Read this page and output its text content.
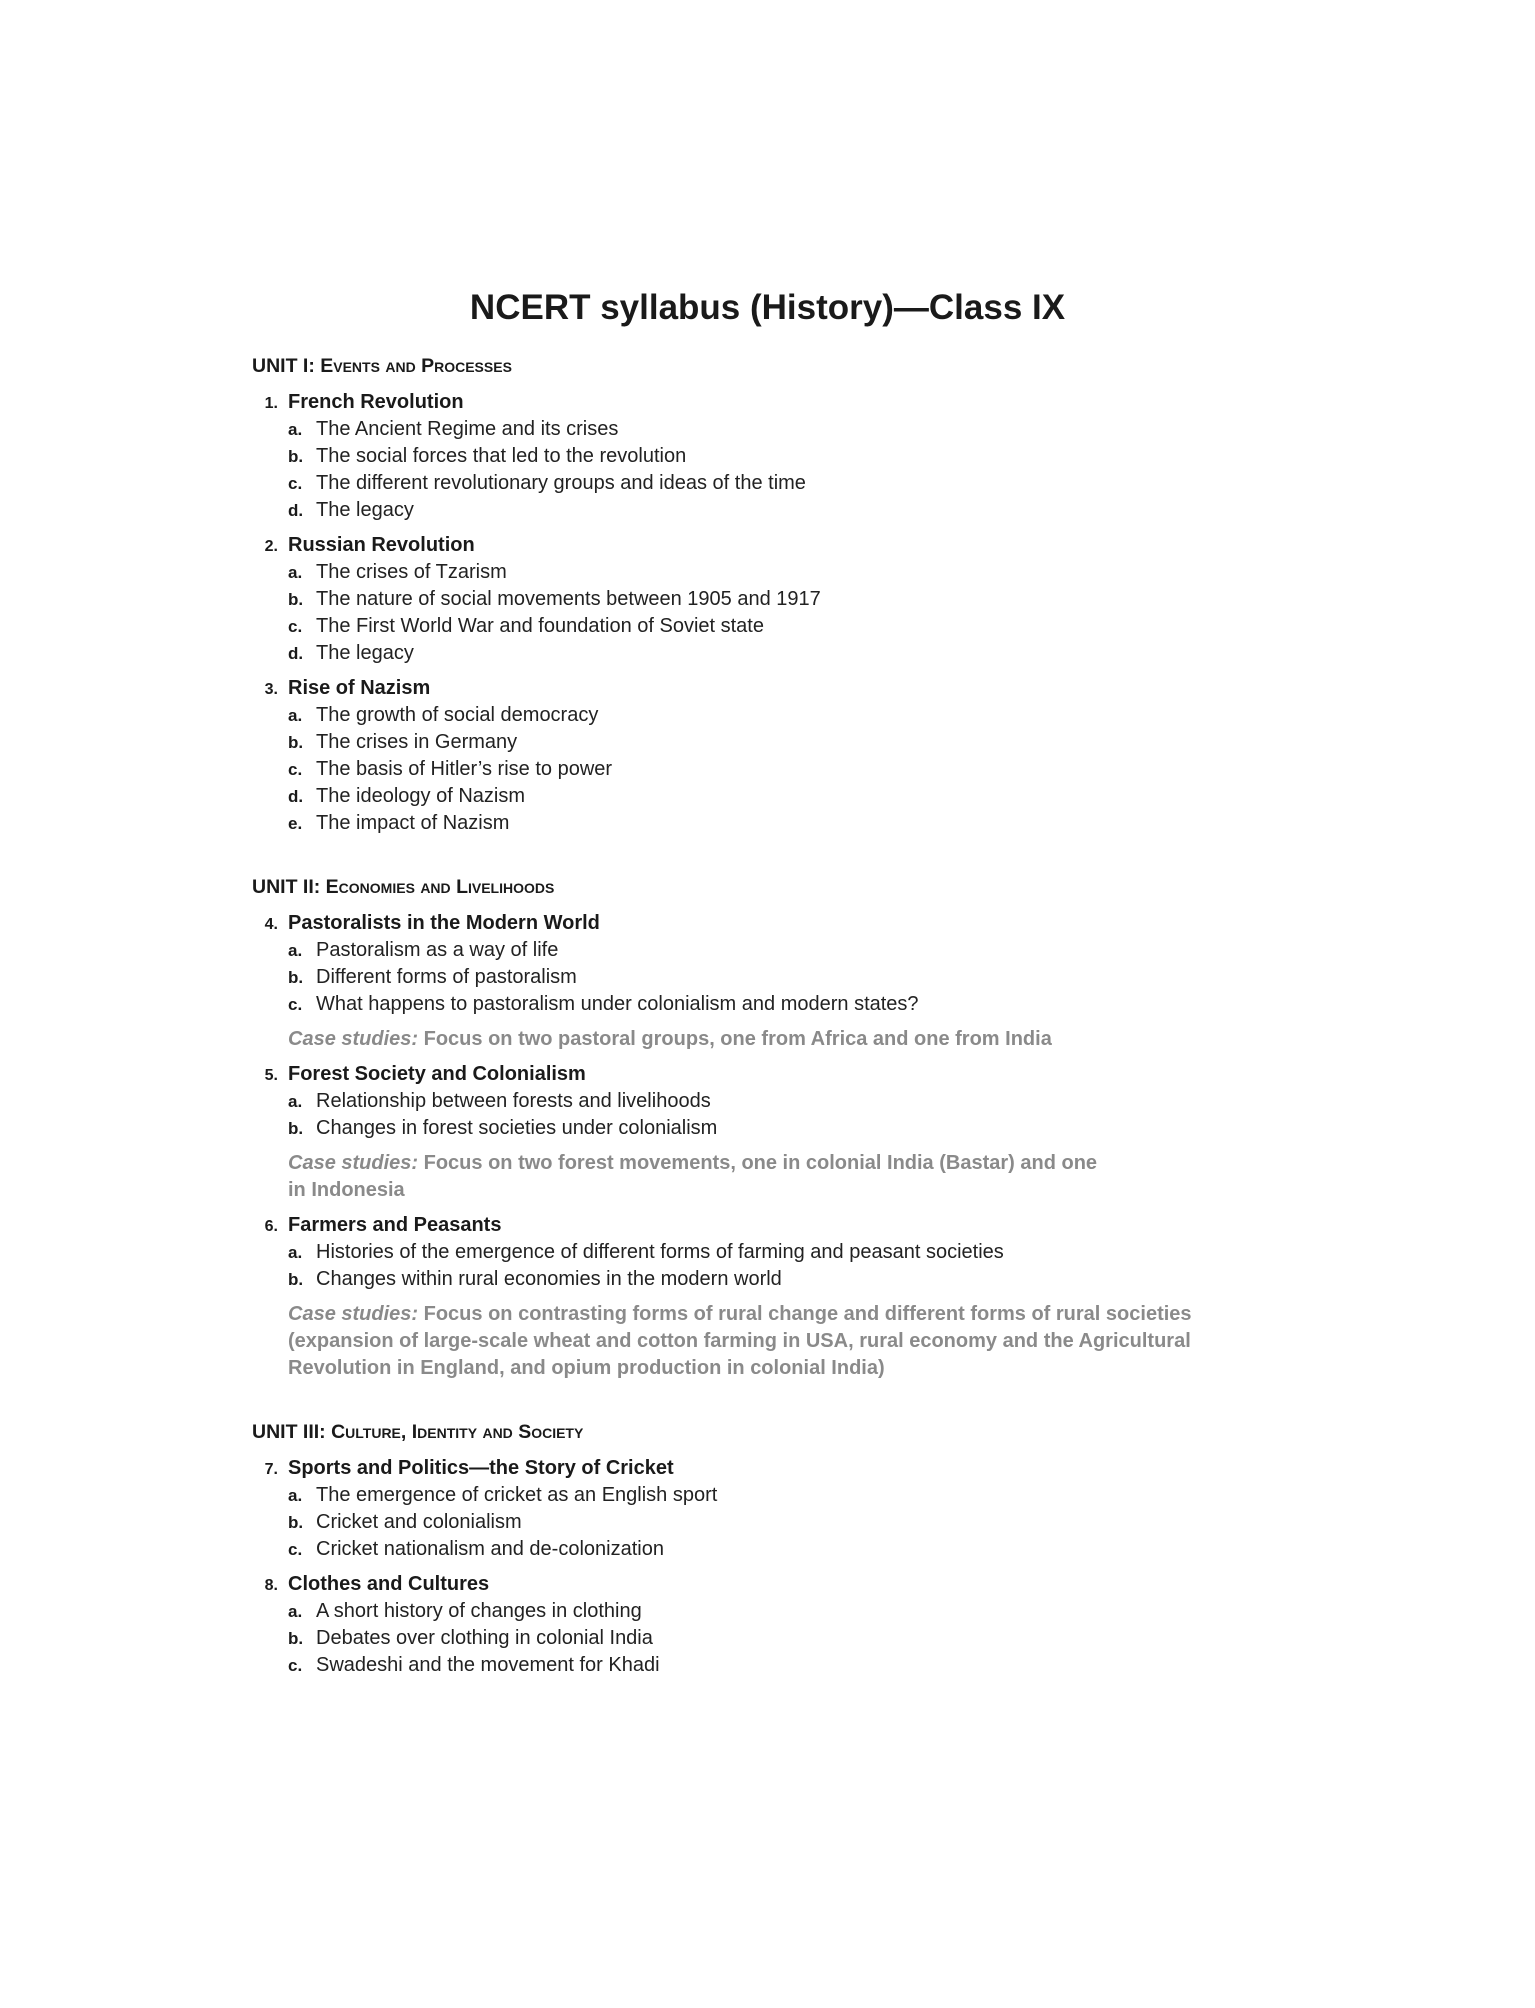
NCERT syllabus (History)—Class IX
UNIT I: Events and Processes
1. French Revolution
a. The Ancient Regime and its crises
b. The social forces that led to the revolution
c. The different revolutionary groups and ideas of the time
d. The legacy
2. Russian Revolution
a. The crises of Tzarism
b. The nature of social movements between 1905 and 1917
c. The First World War and foundation of Soviet state
d. The legacy
3. Rise of Nazism
a. The growth of social democracy
b. The crises in Germany
c. The basis of Hitler’s rise to power
d. The ideology of Nazism
e. The impact of Nazism
UNIT II: Economies and Livelihoods
4. Pastoralists in the Modern World
a. Pastoralism as a way of life
b. Different forms of pastoralism
c. What happens to pastoralism under colonialism and modern states?
Case studies: Focus on two pastoral groups, one from Africa and one from India
5. Forest Society and Colonialism
a. Relationship between forests and livelihoods
b. Changes in forest societies under colonialism
Case studies: Focus on two forest movements, one in colonial India (Bastar) and one
in Indonesia
6. Farmers and Peasants
a. Histories of the emergence of different forms of farming and peasant societies
b. Changes within rural economies in the modern world
Case studies: Focus on contrasting forms of rural change and different forms of rural societies
(expansion of large-scale wheat and cotton farming in USA, rural economy and the Agricultural
Revolution in England, and opium production in colonial India)
UNIT III: Culture, Identity and Society
7. Sports and Politics—the Story of Cricket
a. The emergence of cricket as an English sport
b. Cricket and colonialism
c. Cricket nationalism and de-colonization
8. Clothes and Cultures
a. A short history of changes in clothing
b. Debates over clothing in colonial India
c. Swadeshi and the movement for Khadi
